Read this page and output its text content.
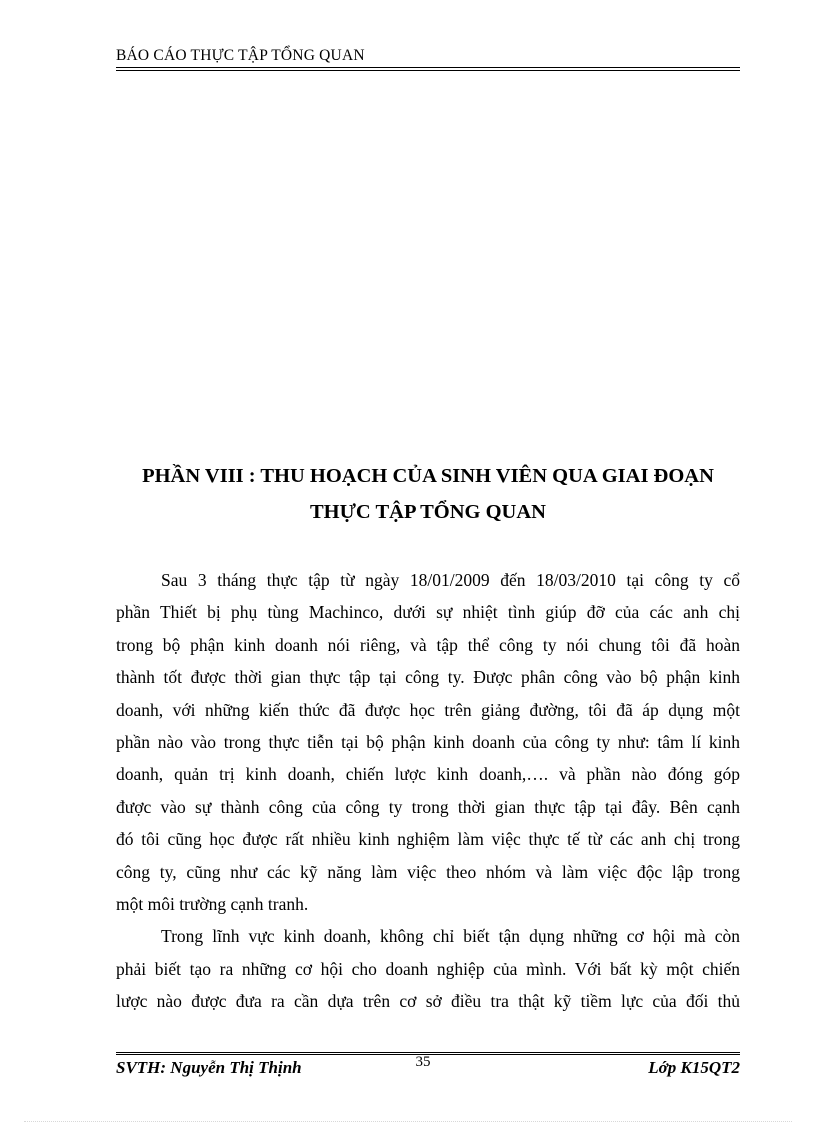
BÁO CÁO THỰC TẬP TỔNG QUAN
PHẦN VIII : THU HOẠCH CỦA SINH VIÊN QUA GIAI ĐOẠN
THỰC TẬP TỔNG QUAN

Sau 3 tháng thực tập từ ngày 18/01/2009 đến 18/03/2010 tại công ty cổ
phần Thiết bị phụ tùng Machinco, dưới sự nhiệt tình giúp đỡ của các anh chị
trong bộ phận kinh doanh nói riêng, và tập thể công ty nói chung tôi đã hoàn
thành tốt được thời gian thực tập tại công ty. Được phân công vào bộ phận kinh
doanh, với những kiến thức đã được học trên giảng đường, tôi đã áp dụng một
phần nào vào trong thực tiễn tại bộ phận kinh doanh của công ty như: tâm lí kinh
doanh, quản trị kinh doanh, chiến lược kinh doanh,…. và phần nào đóng góp
được vào sự thành công của công ty trong thời gian thực tập tại đây. Bên cạnh
đó tôi cũng học được rất nhiều kinh nghiệm làm việc thực tế từ các anh chị trong
công ty, cũng như các kỹ năng làm việc theo nhóm và làm việc độc lập trong
một môi trường cạnh tranh.

Trong lĩnh vực kinh doanh, không chỉ biết tận dụng những cơ hội mà còn
phải biết tạo ra những cơ hội cho doanh nghiệp của mình. Với bất kỳ một chiến
lược nào được đưa ra cần dựa trên cơ sở điều tra thật kỹ tiềm lực của đối thủ

SVTH: Nguyễn Thị Thịnh	35	Lớp K15QT2
